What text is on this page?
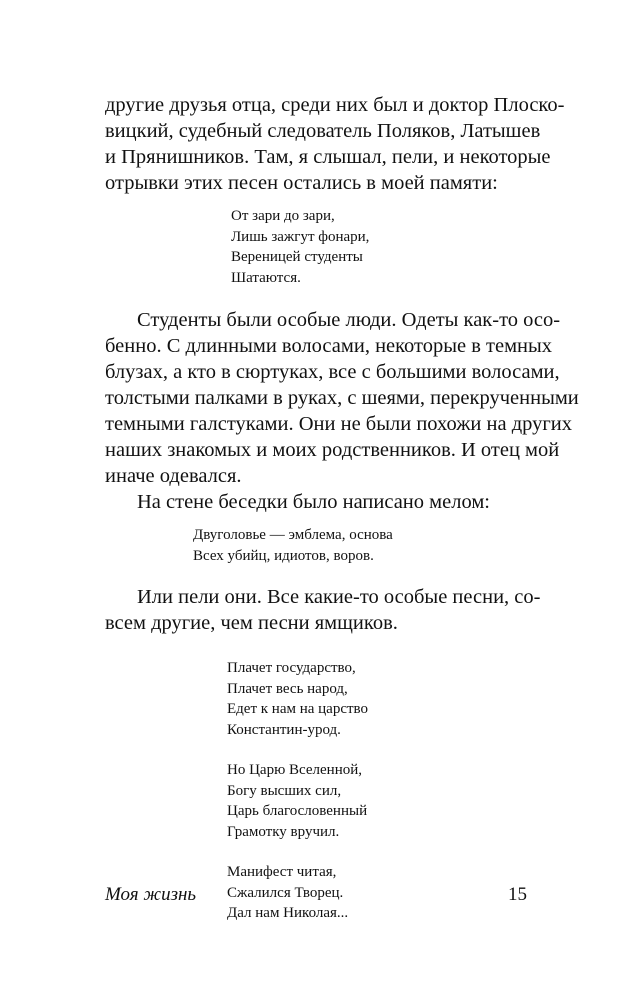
другие друзья отца, среди них был и доктор Плоско-
вицкий, судебный следователь Поляков, Латышев
и Прянишников. Там, я слышал, пели, и некоторые
отрывки этих песен остались в моей памяти:
От зари до зари,
Лишь зажгут фонари,
Вереницей студенты
Шатаются.
Студенты были особые люди. Одеты как-то осо-
бенно. С длинными волосами, некоторые в темных
блузах, а кто в сюртуках, все с большими волосами,
толстыми палками в руках, с шеями, перекрученными
темными галстуками. Они не были похожи на других
наших знакомых и моих родственников. И отец мой
иначе одевался.
На стене беседки было написано мелом:
Двуголовье — эмблема, основа
Всех убийц, идиотов, воров.
Или пели они. Все какие-то особые песни, со-
всем другие, чем песни ямщиков.
Плачет государство,
Плачет весь народ,
Едет к нам на царство
Константин-урод.
Но Царю Вселенной,
Богу высших сил,
Царь благословенный
Грамотку вручил.
Манифест читая,
Сжалился Творец.
Дал нам Николая...
Моя жизнь	15
